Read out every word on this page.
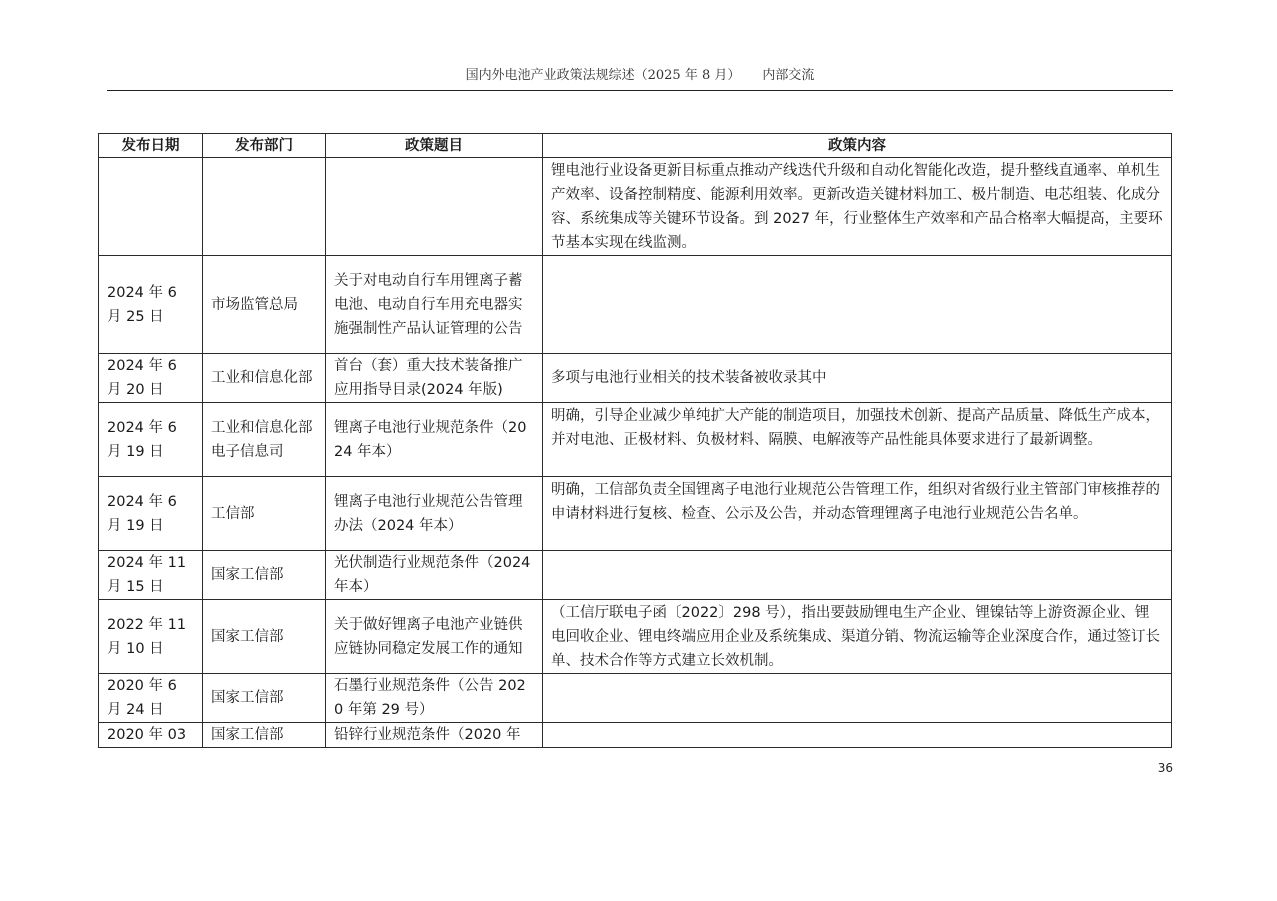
国内外电池产业政策法规综述（2025 年 8 月） 内部交流
发布日期	发布部门	政策题目	政策内容
			锂电池行业设备更新目标重点推动产线迭代升级和自动化智能化改造，提升整线直通率、单机生产效率、设备控制精度、能源利用效率。更新改造关键材料加工、极片制造、电芯组装、化成分容、系统集成等关键环节设备。到 2027 年，行业整体生产效率和产品合格率大幅提高，主要环节基本实现在线监测。
2024 年 6 月 25 日	市场监管总局	关于对电动自行车用锂离子蓄电池、电动自行车用充电器实施强制性产品认证管理的公告	
2024 年 6 月 20 日	工业和信息化部	首台（套）重大技术装备推广应用指导目录(2024 年版)	多项与电池行业相关的技术装备被收录其中
2024 年 6 月 19 日	工业和信息化部电子信息司	锂离子电池行业规范条件（2024 年本）	明确，引导企业减少单纯扩大产能的制造项目，加强技术创新、提高产品质量、降低生产成本，并对电池、正极材料、负极材料、隔膜、电解液等产品性能具体要求进行了最新调整。
2024 年 6 月 19 日	工信部	锂离子电池行业规范公告管理办法（2024 年本）	明确，工信部负责全国锂离子电池行业规范公告管理工作，组织对省级行业主管部门审核推荐的申请材料进行复核、检查、公示及公告，并动态管理锂离子电池行业规范公告名单。
2024 年 11 月 15 日	国家工信部	光伏制造行业规范条件（2024 年本）	
2022 年 11 月 10 日	国家工信部	关于做好锂离子电池产业链供应链协同稳定发展工作的通知	（工信厅联电子函〔2022〕298 号），指出要鼓励锂电生产企业、锂镍钴等上游资源企业、锂电回收企业、锂电终端应用企业及系统集成、渠道分销、物流运输等企业深度合作，通过签订长单、技术合作等方式建立长效机制。
2020 年 6 月 24 日	国家工信部	石墨行业规范条件（公告 2020 年第 29 号）	
2020 年 03	国家工信部	铅锌行业规范条件（2020 年	
36
